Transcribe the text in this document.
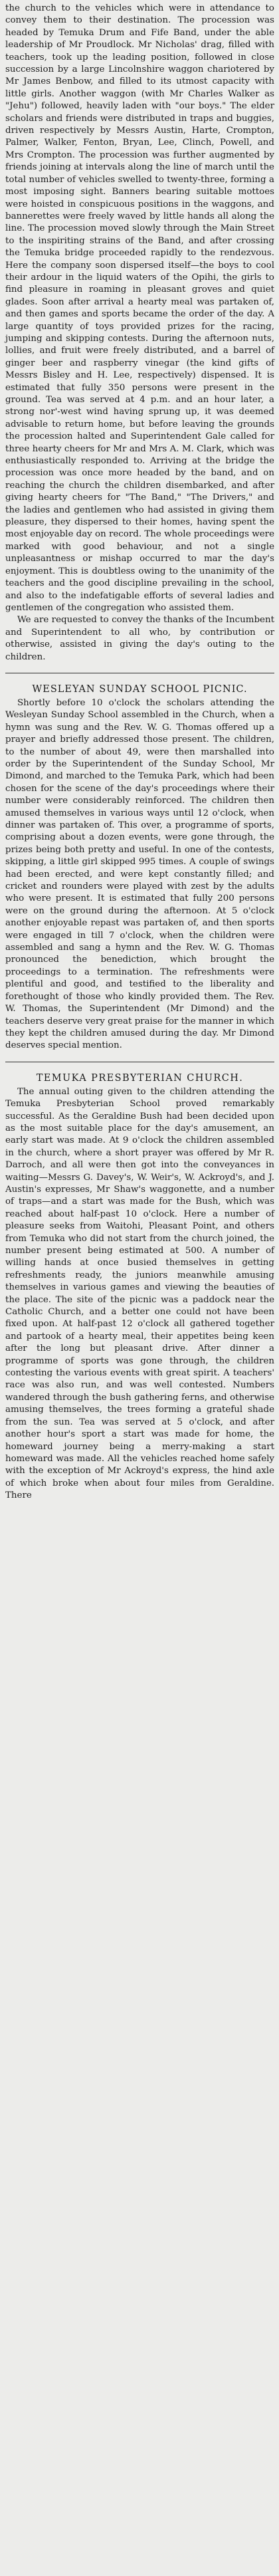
the church to the vehicles which were in attendance to convey them to their destination. The procession was headed by Temuka Drum and Fife Band, under the able leadership of Mr Proudlock. Mr Nicholas' drag, filled with teachers, took up the leading position, followed in close succession by a large Lincolnshire waggon chariotered by Mr James Benbow, and filled to its utmost capacity with little girls. Another waggon (with Mr Charles Walker as "Jehu") followed, heavily laden with "our boys." The elder scholars and friends were distributed in traps and buggies, driven respectively by Messrs Austin, Harte, Crompton, Palmer, Walker, Fenton, Bryan, Lee, Clinch, Powell, and Mrs Crompton. The procession was further augmented by friends joining at intervals along the line of march until the total number of vehicles swelled to twenty-three, forming a most imposing sight. Banners bearing suitable mottoes were hoisted in conspicuous positions in the waggons, and bannerettes were freely waved by little hands all along the line. The procession moved slowly through the Main Street to the inspiriting strains of the Band, and after crossing the Temuka bridge proceeded rapidly to the rendezvous. Here the company soon dispersed itself—the boys to cool their ardour in the liquid waters of the Opihi, the girls to find pleasure in roaming in pleasant groves and quiet glades. Soon after arrival a hearty meal was partaken of, and then games and sports became the order of the day. A large quantity of toys provided prizes for the racing, jumping and skipping contests. During the afternoon nuts, lollies, and fruit were freely distributed, and a barrel of ginger beer and raspberry vinegar (the kind gifts of Messrs Bisley and H. Lee, respectively) dispensed. It is estimated that fully 350 persons were present in the ground. Tea was served at 4 p.m. and an hour later, a strong nor'-west wind having sprung up, it was deemed advisable to return home, but before leaving the grounds the procession halted and Superintendent Gale called for three hearty cheers for Mr and Mrs A. M. Clark, which was enthusiastically responded to. Arriving at the bridge the procession was once more headed by the band, and on reaching the church the children disembarked, and after giving hearty cheers for "The Band," "The Drivers," and the ladies and gentlemen who had assisted in giving them pleasure, they dispersed to their homes, having spent the most enjoyable day on record. The whole proceedings were marked with good behaviour, and not a single unpleasantness or mishap occurred to mar the day's enjoyment. This is doubtless owing to the unanimity of the teachers and the good discipline prevailing in the school, and also to the indefatigable efforts of several ladies and gentlemen of the congregation who assisted them.

We are requested to convey the thanks of the Incumbent and Superintendent to all who, by contribution or otherwise, assisted in giving the day's outing to the children.

WESLEYAN SUNDAY SCHOOL PICNIC.

Shortly before 10 o'clock the scholars attending the Wesleyan Sunday School assembled in the Church, when a hymn was sung and the Rev. W. G. Thomas offered up a prayer and briefly addressed those present. The children, to the number of about 49, were then marshalled into order by the Superintendent of the Sunday School, Mr Dimond, and marched to the Temuka Park, which had been chosen for the scene of the day's proceedings where their number were considerably reinforced. The children then amused themselves in various ways until 12 o'clock, when dinner was partaken of. This over, a programme of sports, comprising about a dozen events, were gone through, the prizes being both pretty and useful. In one of the contests, skipping, a little girl skipped 995 times. A couple of swings had been erected, and were kept constantly filled; and cricket and rounders were played with zest by the adults who were present. It is estimated that fully 200 persons were on the ground during the afternoon. At 5 o'clock another enjoyable repast was partaken of, and then sports were engaged in till 7 o'clock, when the children were assembled and sang a hymn and the Rev. W. G. Thomas pronounced the benediction, which brought the proceedings to a termination. The refreshments were plentiful and good, and testified to the liberality and forethought of those who kindly provided them. The Rev. W. Thomas, the Superintendent (Mr Dimond) and the teachers deserve very great praise for the manner in which they kept the children amused during the day. Mr Dimond deserves special mention.

TEMUKA PRESBYTERIAN CHURCH.

The annual outing given to the children attending the Temuka Presbyterian School proved remarkably successful. As the Geraldine Bush had been decided upon as the most suitable place for the day's amusement, an early start was made. At 9 o'clock the children assembled in the church, where a short prayer was offered by Mr R. Darroch, and all were then got into the conveyances in waiting—Messrs G. Davey's, W. Weir's, W. Ackroyd's, and J. Austin's expresses, Mr Shaw's waggonette, and a number of traps—and a start was made for the Bush, which was reached about half-past 10 o'clock. Here a number of pleasure seeks from Waitohi, Pleasant Point, and others from Temuka who did not start from the church joined, the number present being estimated at 500. A number of willing hands at once busied themselves in getting refreshments ready, the juniors meanwhile amusing themselves in various games and viewing the beauties of the place. The site of the picnic was a paddock near the Catholic Church, and a better one could not have been fixed upon. At half-past 12 o'clock all gathered together and partook of a hearty meal, their appetites being keen after the long but pleasant drive. After dinner a programme of sports was gone through, the children contesting the various events with great spirit. A teachers' race was also run, and was well contested. Numbers wandered through the bush gathering ferns, and otherwise amusing themselves, the trees forming a grateful shade from the sun. Tea was served at 5 o'clock, and after another hour's sport a start was made for home, the homeward journey being a merry-making a start homeward was made. All the vehicles reached home safely with the exception of Mr Ackroyd's express, the hind axle of which broke when about four miles from Geraldine. There
